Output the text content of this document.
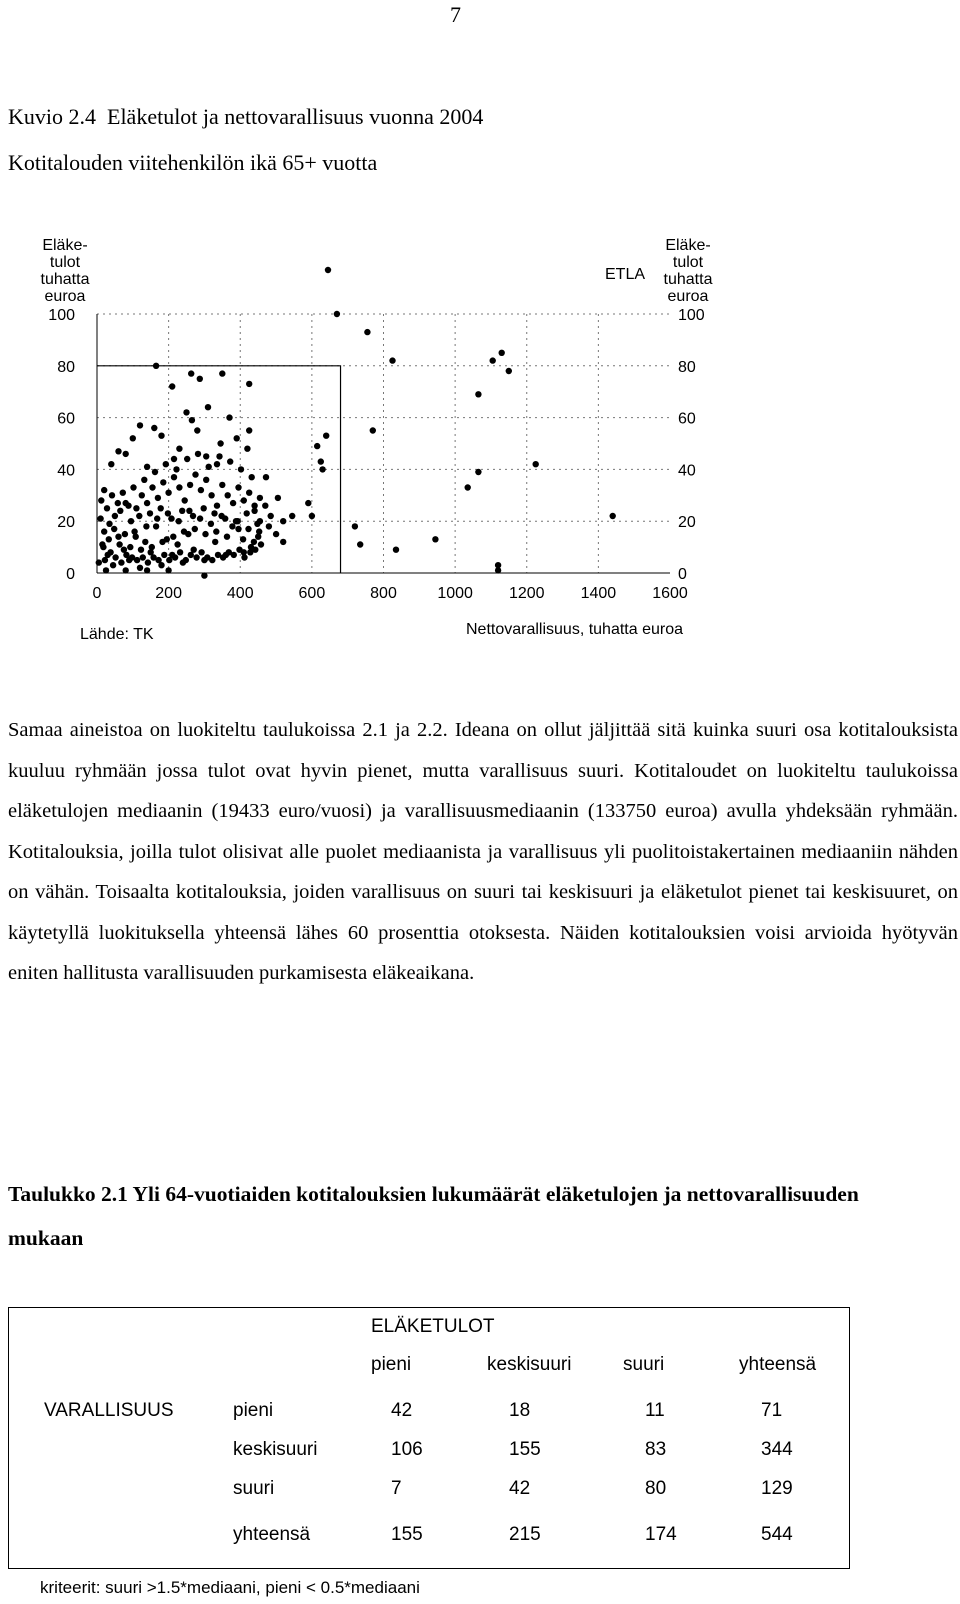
7
Kuvio 2.4  Eläketulot ja nettovarallisuus vuonna 2004
Kotitalouden viitehenkilön ikä 65+ vuotta
0	0
20	20
40	40
60	60
80	80
100	100
0	200	400	600	800	1000 1200 1400 1600
Eläke-
tulot
tuhatta
euroa
Eläke-
tulot
tuhatta
euroa
ETLA
Lähde: TK	Nettovarallisuus, tuhatta euroa
Samaa aineistoa on luokiteltu taulukoissa 2.1 ja 2.2. Ideana on ollut jäljittää sitä kuinka suuri osa kotitalouksista kuuluu ryhmään jossa tulot ovat hyvin pienet, mutta varallisuus suuri. Kotitaloudet on luokiteltu taulukoissa eläketulojen mediaanin (19433 euro/vuosi) ja varallisuusmediaanin (133750 euroa) avulla yhdeksään ryhmään. Kotitalouksia, joilla tulot olisivat alle puolet mediaanista ja varallisuus yli puolitoistakertainen mediaaniin nähden on vähän. Toisaalta kotitalouksia, joiden varallisuus on suuri tai keskisuuri ja eläketulot pienet tai keskisuuret, on käytetyllä luokituksella yhteensä lähes 60 prosenttia otoksesta. Näiden kotitalouksien voisi arvioida hyötyvän eniten hallitusta varallisuuden purkamisesta eläkeaikana.
Taulukko 2.1 Yli 64-vuotiaiden kotitalouksien lukumäärät eläketulojen ja nettovarallisuuden mukaan
ELÄKETULOT
pieni	keskisuuri	suuri	yhteensä
VARALLISUUS	pieni	42	18	11	71
keskisuuri	106	155	83	344
suuri	7	42	80	129
yhteensä	155	215	174	544
kriteerit: suuri >1.5*mediaani, pieni < 0.5*mediaani
